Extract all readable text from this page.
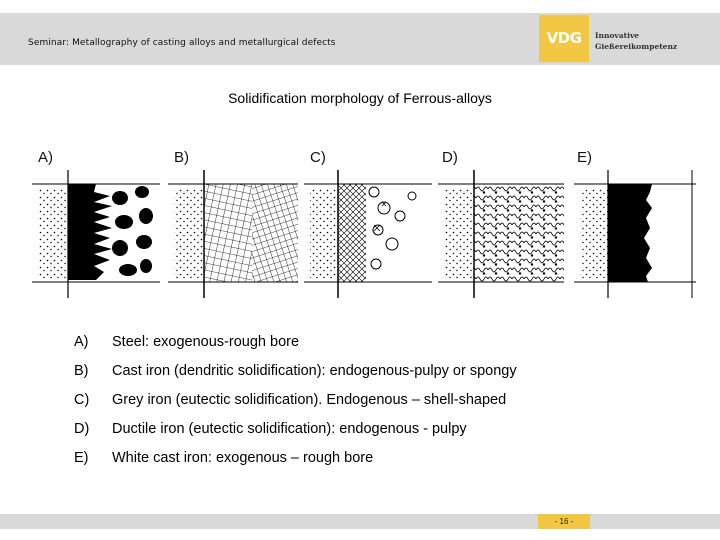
Seminar: Metallography of casting alloys and metallurgical defects	VDG	Innovative
Gießereikompetenz
Solidification morphology of Ferrous-alloys
A)	B)	C)	D)	E)
A) Steel: exogenous-rough bore
B) Cast iron (dendritic solidification): endogenous-pulpy or spongy
C) Grey iron (eutectic solidification). Endogenous – shell-shaped
D) Ductile iron (eutectic solidification): endogenous - pulpy
E) White cast iron: exogenous – rough bore
- 16 -
